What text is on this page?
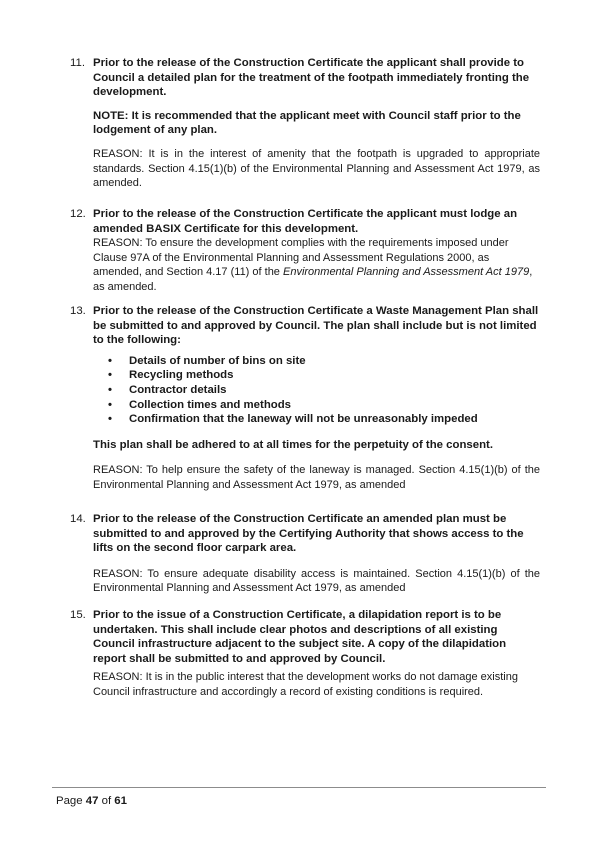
11. Prior to the release of the Construction Certificate the applicant shall provide to Council a detailed plan for the treatment of the footpath immediately fronting the development.

NOTE: It is recommended that the applicant meet with Council staff prior to the lodgement of any plan.

REASON: It is in the interest of amenity that the footpath is upgraded to appropriate standards. Section 4.15(1)(b) of the Environmental Planning and Assessment Act 1979, as amended.

12. Prior to the release of the Construction Certificate the applicant must lodge an amended BASIX Certificate for this development.

REASON: To ensure the development complies with the requirements imposed under Clause 97A of the Environmental Planning and Assessment Regulations 2000, as amended, and Section 4.17 (11) of the Environmental Planning and Assessment Act 1979, as amended.

13. Prior to the release of the Construction Certificate a Waste Management Plan shall be submitted to and approved by Council. The plan shall include but is not limited to the following:

• Details of number of bins on site
• Recycling methods
• Contractor details
• Collection times and methods
• Confirmation that the laneway will not be unreasonably impeded

This plan shall be adhered to at all times for the perpetuity of the consent.

REASON: To help ensure the safety of the laneway is managed. Section 4.15(1)(b) of the Environmental Planning and Assessment Act 1979, as amended

14. Prior to the release of the Construction Certificate an amended plan must be submitted to and approved by the Certifying Authority that shows access to the lifts on the second floor carpark area.

REASON: To ensure adequate disability access is maintained. Section 4.15(1)(b) of the Environmental Planning and Assessment Act 1979, as amended

15. Prior to the issue of a Construction Certificate, a dilapidation report is to be undertaken. This shall include clear photos and descriptions of all existing Council infrastructure adjacent to the subject site. A copy of the dilapidation report shall be submitted to and approved by Council.

REASON: It is in the public interest that the development works do not damage existing Council infrastructure and accordingly a record of existing conditions is required.

Page 47 of 61
